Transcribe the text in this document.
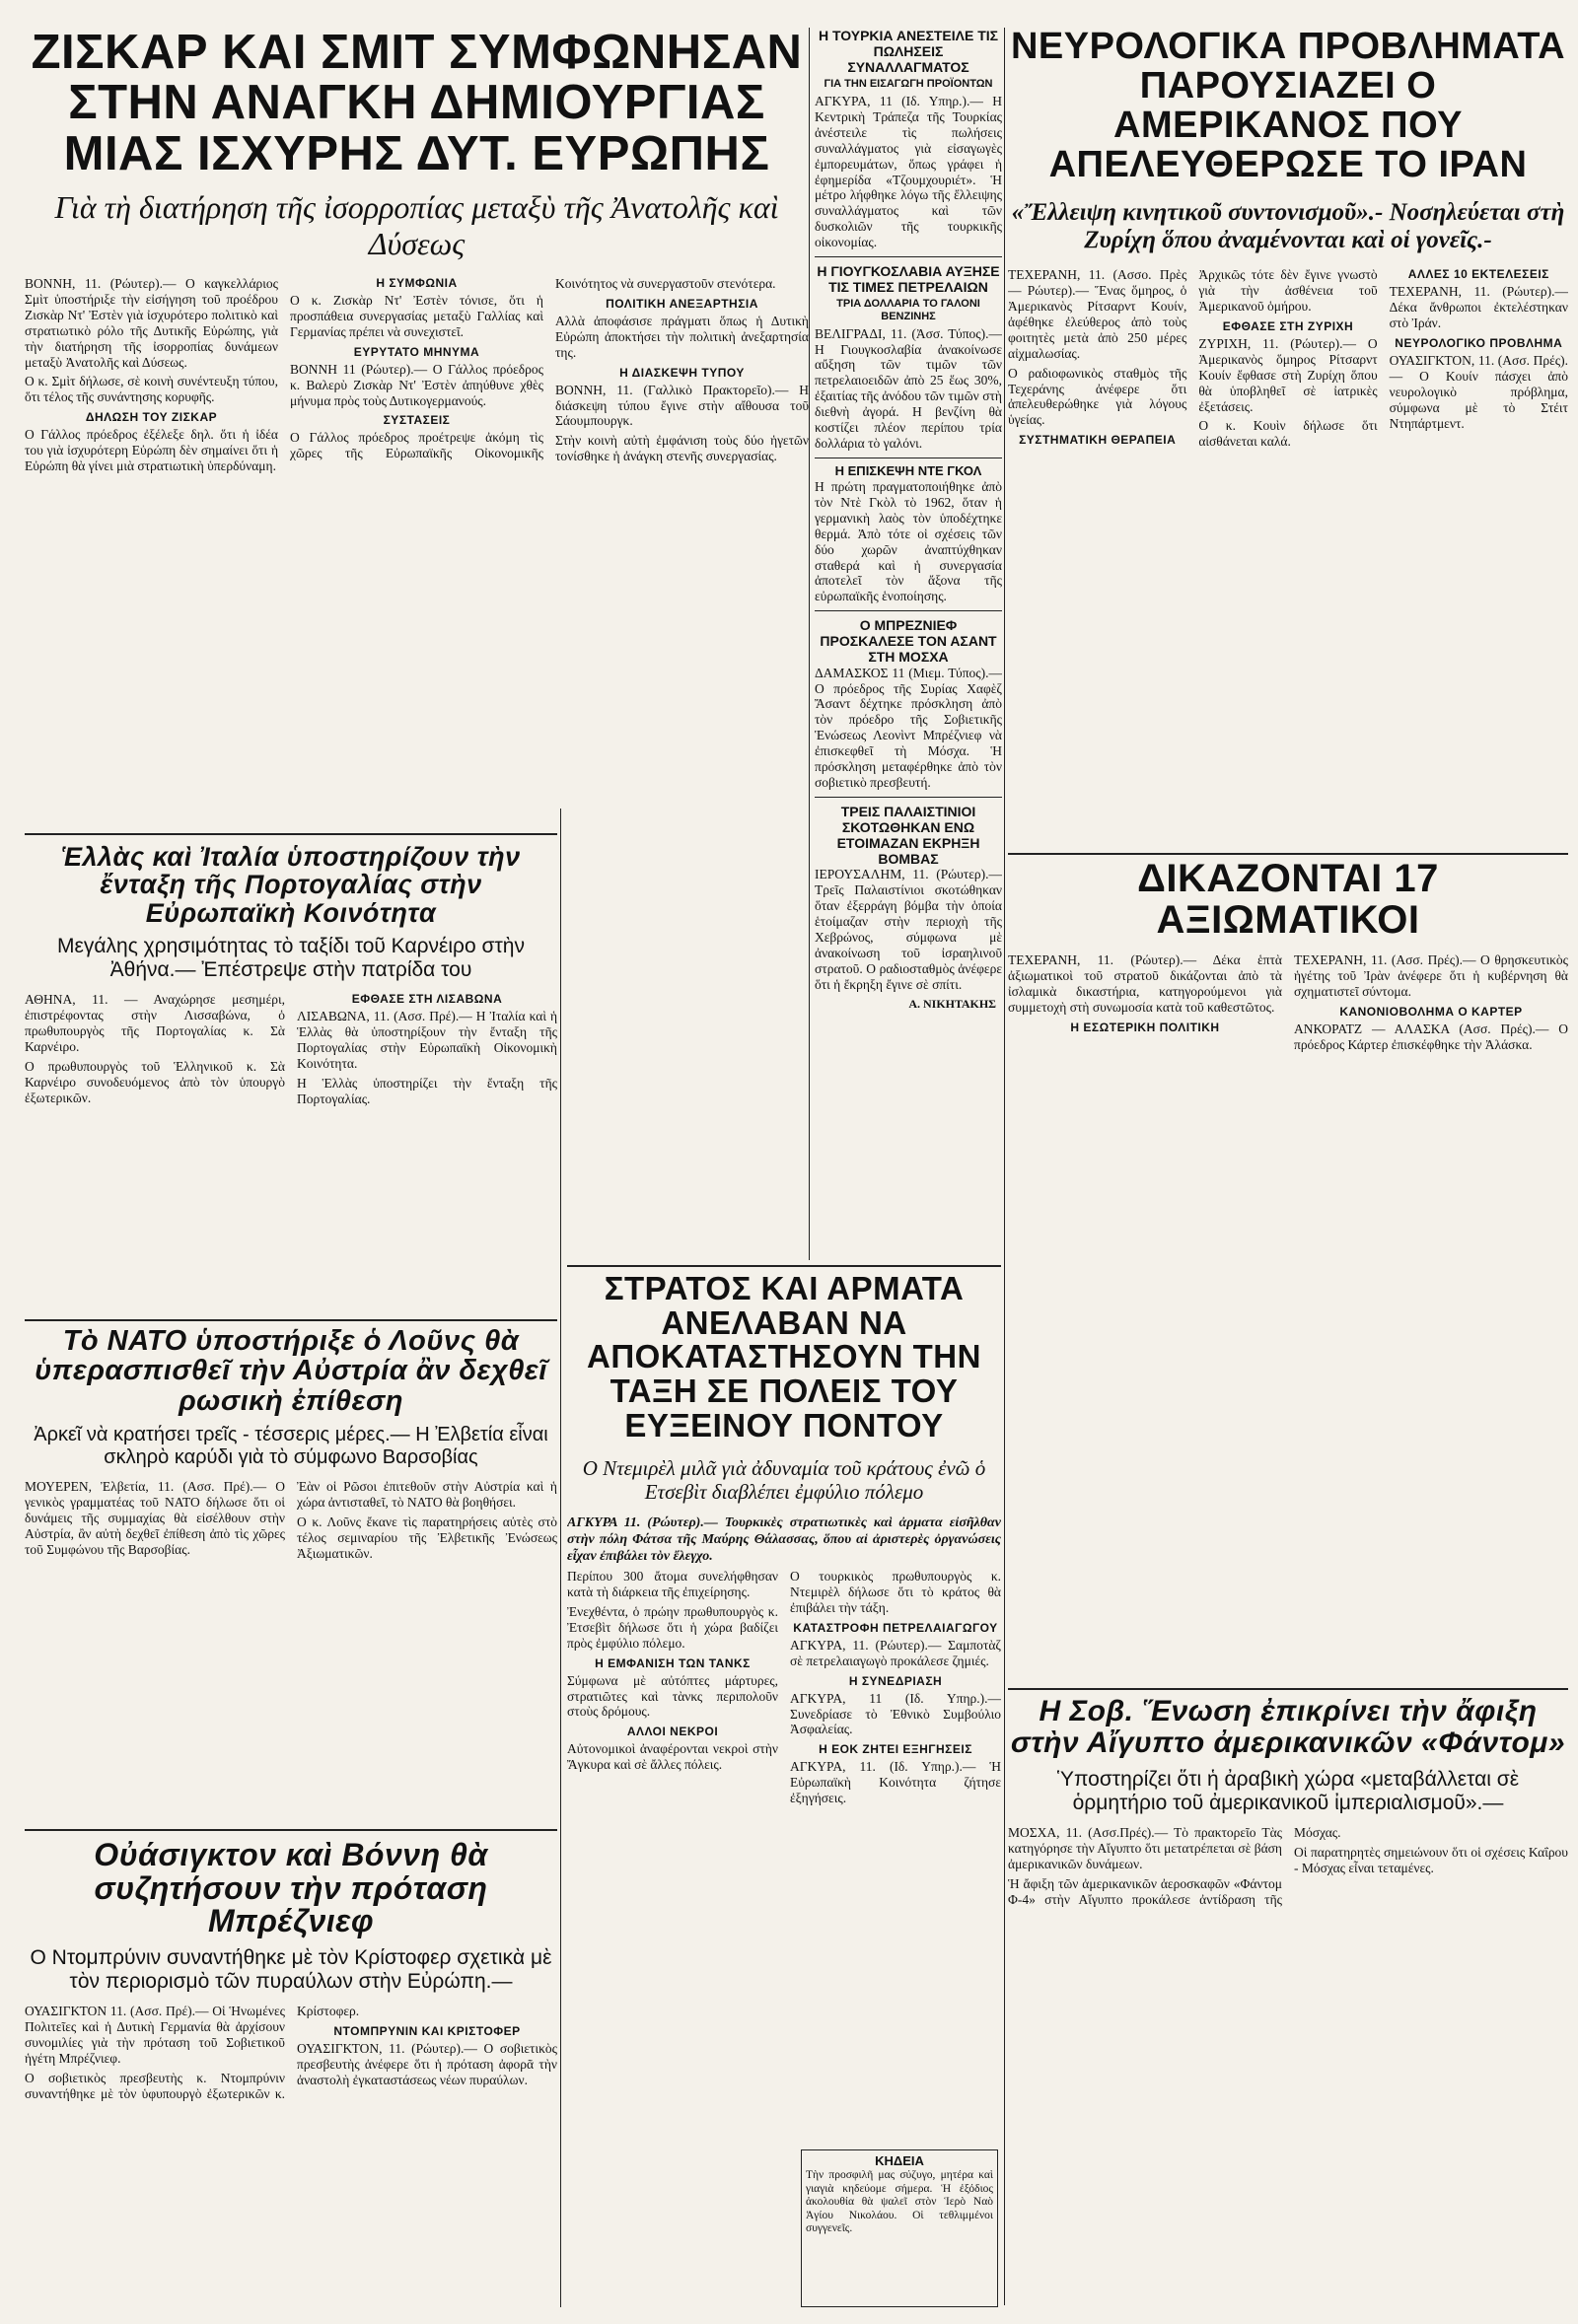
ΖΙΣΚΑΡ ΚΑΙ ΣΜΙΤ ΣΥΜΦΩΝΗΣΑΝ ΣΤΗΝ ΑΝΑΓΚΗ ΔΗΜΙΟΥΡΓΙΑΣ ΜΙΑΣ ΙΣΧΥΡΗΣ ΔΥΤ. ΕΥΡΩΠΗΣ

Γιὰ τὴ διατήρηση τῆς ἰσορροπίας μεταξὺ τῆς Ἀνατολῆς καὶ Δύσεως

ΒΟΝΝΗ, 11. (Ρώυτερ).— Ο καγκελλάριος Σμὶτ ὑποστήριξε τὴν εἰσήγηση τοῦ προέδρου Ζισκὰρ Ντ' Ἐστὲν γιὰ ἰσχυρότερο πολιτικὸ καὶ στρατιωτικὸ ρόλο τῆς Δυτικῆς Εὐρώπης, γιὰ τὴν διατήρηση τῆς ἰσορροπίας δυνάμεων μεταξὺ Ἀνατολῆς καὶ Δύσεως.

Ο κ. Σμὶτ δήλωσε, σὲ κοινὴ συνέντευξη τύπου, ὅτι τέλος τῆς συνάντησης κορυφῆς.

ΔΗΛΩΣΗ ΤΟΥ ΖΙΣΚΑΡ

Ο Γάλλος πρόεδρος ἐξέλεξε δηλ. ὅτι ἡ ἰδέα του γιὰ ἰσχυρότερη Εὐρώπη δὲν σημαίνει ὅτι ἡ Εὐρώπη θὰ γίνει μιὰ στρατιωτικὴ ὑπερδύναμη.

Η ΣΥΜΦΩΝΙΑ

Ο κ. Ζισκὰρ Ντ' Ἐστὲν τόνισε, ὅτι ἡ προσπάθεια συνεργασίας μεταξὺ Γαλλίας καὶ Γερμανίας πρέπει νὰ συνεχιστεῖ.

ΕΥΡΥΤΑΤΟ ΜΗΝΥΜΑ

ΒΟΝΝΗ 11 (Ρώυτερ).— Ο Γάλλος πρόεδρος κ. Βαλερὺ Ζισκὰρ Ντ' Ἐστὲν ἀπηύθυνε χθὲς μήνυμα πρὸς τοὺς Δυτικογερμανούς.

ΣΥΣΤΑΣΕΙΣ

Ο Γάλλος πρόεδρος προέτρεψε ἀκόμη τὶς χῶρες τῆς Εὐρωπαϊκῆς Οἰκονομικῆς Κοινότητος νὰ συνεργαστοῦν στενότερα.

ΠΟΛΙΤΙΚΗ ΑΝΕΞΑΡΤΗΣΙΑ

Αλλὰ ἀποφάσισε πράγματι ὅπως ἡ Δυτικὴ Εὐρώπη ἀποκτήσει τὴν πολιτικὴ ἀνεξαρτησία της.

Η ΔΙΑΣΚΕΨΗ ΤΥΠΟΥ

ΒΟΝΝΗ, 11. (Γαλλικὸ Πρακτορεῖο).— Η διάσκεψη τύπου ἔγινε στὴν αἴθουσα τοῦ Σάουμπουργκ.

Στὴν κοινὴ αὐτὴ ἐμφάνιση τοὺς δύο ἡγετῶν τονίσθηκε ἡ ἀνάγκη στενῆς συνεργασίας.

Ἑλλὰς καὶ Ἰταλία ὑποστηρίζουν τὴν ἔνταξη τῆς Πορτογαλίας στὴν Εὐρωπαϊκὴ Κοινότητα

Μεγάλης χρησιμότητας τὸ ταξίδι τοῦ Καρνέιρο στὴν Ἀθήνα.— Ἐπέστρεψε στὴν πατρίδα του

ΑΘΗΝΑ, 11. — Αναχώρησε μεσημέρι, ἐπιστρέφοντας στὴν Λισσαβώνα, ὁ πρωθυπουργὸς τῆς Πορτογαλίας κ. Σὰ Καρνέιρο.

Ο πρωθυπουργὸς τοῦ Ἑλληνικοῦ κ. Σὰ Καρνέιρο συνοδευόμενος ἀπὸ τὸν ὑπουργὸ ἐξωτερικῶν.

ΕΦΘΑΣΕ ΣΤΗ ΛΙΣΑΒΩΝΑ

ΛΙΣΑΒΩΝΑ, 11. (Ασσ. Πρέ).— Η Ἰταλία καὶ ἡ Ἑλλὰς θὰ ὑποστηρίξουν τὴν ἔνταξη τῆς Πορτογαλίας στὴν Εὐρωπαϊκὴ Οἰκονομικὴ Κοινότητα.

Η Ἑλλὰς ὑποστηρίζει τὴν ἔνταξη τῆς Πορτογαλίας.

Τὸ ΝΑΤΟ ὑποστήριξε ὁ Λοῦνς θὰ ὑπερασπισθεῖ τὴν Αὐστρία ἂν δεχθεῖ ρωσικὴ ἐπίθεση

Ἀρκεῖ νὰ κρατήσει τρεῖς - τέσσερις μέρες.— Η Ἐλβετία εἶναι σκληρὸ καρύδι γιὰ τὸ σύμφωνο Βαρσοβίας

ΜΟΥΕΡΕΝ, Ἐλβετία, 11. (Ασσ. Πρέ).— Ο γενικὸς γραμματέας τοῦ ΝΑΤΟ δήλωσε ὅτι οἱ δυνάμεις τῆς συμμαχίας θὰ εἰσέλθουν στὴν Αὐστρία, ἂν αὐτὴ δεχθεῖ ἐπίθεση ἀπὸ τὶς χῶρες τοῦ Συμφώνου τῆς Βαρσοβίας.

Ἐὰν οἱ Ρῶσοι ἐπιτεθοῦν στὴν Αὐστρία καὶ ἡ χώρα ἀντισταθεῖ, τὸ ΝΑΤΟ θὰ βοηθήσει.

Ο κ. Λοῦνς ἔκανε τὶς παρατηρήσεις αὐτὲς στὸ τέλος σεμιναρίου τῆς Ἐλβετικῆς Ἐνώσεως Ἀξιωματικῶν.

Οὐάσιγκτον καὶ Βόννη θὰ συζητήσουν τὴν πρόταση Μπρέζνιεφ

Ο Ντομπρύνιν συναντήθηκε μὲ τὸν Κρίστοφερ σχετικὰ μὲ τὸν περιορισμὸ τῶν πυραύλων στὴν Εὐρώπη.—

ΟΥΑΣΙΓΚΤΟΝ 11. (Ασσ. Πρέ).— Οἱ Ἡνωμένες Πολιτεῖες καὶ ἡ Δυτικὴ Γερμανία θὰ ἀρχίσουν συνομιλίες γιὰ τὴν πρόταση τοῦ Σοβιετικοῦ ἡγέτη Μπρέζνιεφ.

Ο σοβιετικὸς πρεσβευτὴς κ. Ντομπρύνιν συναντήθηκε μὲ τὸν ὑφυπουργὸ ἐξωτερικῶν κ. Κρίστοφερ.

ΝΤΟΜΠΡΥΝΙΝ ΚΑΙ ΚΡΙΣΤΟΦΕΡ

ΟΥΑΣΙΓΚΤΟΝ, 11. (Ρώυτερ).— Ο σοβιετικὸς πρεσβευτὴς ἀνέφερε ὅτι ἡ πρόταση ἀφορᾶ τὴν ἀναστολὴ ἐγκαταστάσεως νέων πυραύλων.

Η ΤΟΥΡΚΙΑ ΑΝΕΣΤΕΙΛΕ ΤΙΣ ΠΩΛΗΣΕΙΣ ΣΥΝΑΛΛΑΓΜΑΤΟΣ

ΓΙΑ ΤΗΝ ΕΙΣΑΓΩΓΗ ΠΡΟΪΟΝΤΩΝ

ΑΓΚΥΡΑ, 11 (Ιδ. Υπηρ.).— Η Κεντρικὴ Τράπεζα τῆς Τουρκίας ἀνέστειλε τὶς πωλήσεις συναλλάγματος γιὰ εἰσαγωγὲς ἐμπορευμάτων, ὅπως γράφει ἡ ἐφημερίδα «Τζουμχουριέτ». Ἡ μέτρο λήφθηκε λόγω τῆς ἔλλειψης συναλλάγματος καὶ τῶν δυσκολιῶν τῆς τουρκικῆς οἰκονομίας.

Η ΓΙΟΥΓΚΟΣΛΑΒΙΑ ΑΥΞΗΣΕ ΤΙΣ ΤΙΜΕΣ ΠΕΤΡΕΛΑΙΩΝ

ΤΡΙΑ ΔΟΛΛΑΡΙΑ ΤΟ ΓΑΛΟΝΙ ΒΕΝΖΙΝΗΣ

ΒΕΛΙΓΡΑΔΙ, 11. (Ἀσσ. Τύπος).— Η Γιουγκοσλαβία ἀνακοίνωσε αὔξηση τῶν τιμῶν τῶν πετρελαιοειδῶν ἀπὸ 25 ἕως 30%, ἐξαιτίας τῆς ἀνόδου τῶν τιμῶν στὴ διεθνὴ ἀγορά. Η βενζίνη θὰ κοστίζει πλέον περίπου τρία δολλάρια τὸ γαλόνι.

Η ΕΠΙΣΚΕΨΗ ΝΤΕ ΓΚΟΛ

Η πρώτη πραγματοποιήθηκε ἀπὸ τὸν Ντὲ Γκὸλ τὸ 1962, ὅταν ἡ γερμανικὴ λαὸς τὸν ὑποδέχτηκε θερμά. Ἀπὸ τότε οἱ σχέσεις τῶν δύο χωρῶν ἀναπτύχθηκαν σταθερά καὶ ἡ συνεργασία ἀποτελεῖ τὸν ἄξονα τῆς εὐρωπαϊκῆς ἑνοποίησης.

Ο ΜΠΡΕΖΝΙΕΦ ΠΡΟΣΚΑΛΕΣΕ ΤΟΝ ΑΣΑΝΤ ΣΤΗ ΜΟΣΧΑ

ΔΑΜΑΣΚΟΣ 11 (Μιεμ. Τύπος).— Ο πρόεδρος τῆς Συρίας Χαφὲζ Ἄσαντ δέχτηκε πρόσκληση ἀπὸ τὸν πρόεδρο τῆς Σοβιετικῆς Ἑνώσεως Λεονὶντ Μπρέζνιεφ νὰ ἐπισκεφθεῖ τὴ Μόσχα. Ἡ πρόσκληση μεταφέρθηκε ἀπὸ τὸν σοβιετικὸ πρεσβευτή.

ΤΡΕΙΣ ΠΑΛΑΙΣΤΙΝΙΟΙ ΣΚΟΤΩΘΗΚΑΝ ΕΝΩ ΕΤΟΙΜΑΖΑΝ ΕΚΡΗΞΗ ΒΟΜΒΑΣ

ΙΕΡΟΥΣΑΛΗΜ, 11. (Ρώυτερ).— Τρεῖς Παλαιστίνιοι σκοτώθηκαν ὅταν ἐξερράγη βόμβα τὴν ὁποία ἑτοίμαζαν στὴν περιοχὴ τῆς Χεβρώνος, σύμφωνα μὲ ἀνακοίνωση τοῦ ἰσραηλινοῦ στρατοῦ. Ο ραδιοσταθμὸς ἀνέφερε ὅτι ἡ ἔκρηξη ἔγινε σὲ σπίτι.

Α. ΝΙΚΗΤΑΚΗΣ

ΝΕΥΡΟΛΟΓΙΚΑ ΠΡΟΒΛΗΜΑΤΑ ΠΑΡΟΥΣΙΑΖΕΙ Ο ΑΜΕΡΙΚΑΝΟΣ ΠΟΥ ΑΠΕΛΕΥΘΕΡΩΣΕ ΤΟ ΙΡΑΝ

«Ἔλλειψη κινητικοῦ συντονισμοῦ».- Νοσηλεύεται στὴ Ζυρίχη ὅπου ἀναμένονται καὶ οἱ γονεῖς.-

ΤΕΧΕΡΑΝΗ, 11. (Ασσο. Πρὲς — Ρώυτερ).— Ἕνας ὅμηρος, ὁ Ἀμερικανὸς Ρίτσαρντ Κουίν, ἀφέθηκε ἐλεύθερος ἀπὸ τοὺς φοιτητὲς μετὰ ἀπὸ 250 μέρες αἰχμαλωσίας.

Ο ραδιοφωνικὸς σταθμὸς τῆς Τεχεράνης ἀνέφερε ὅτι ἀπελευθερώθηκε γιὰ λόγους ὑγείας.

ΣΥΣΤΗΜΑΤΙΚΗ ΘΕΡΑΠΕΙΑ

Ἀρχικῶς τότε δὲν ἔγινε γνωστὸ γιὰ τὴν ἀσθένεια τοῦ Ἀμερικανοῦ ὁμήρου.

ΕΦΘΑΣΕ ΣΤΗ ΖΥΡΙΧΗ

ΖΥΡΙΧΗ, 11. (Ρώυτερ).— Ο Ἀμερικανὸς ὅμηρος Ρίτσαρντ Κουίν ἔφθασε στὴ Ζυρίχη ὅπου θὰ ὑποβληθεῖ σὲ ἰατρικὲς ἐξετάσεις.

Ο κ. Κουὶν δήλωσε ὅτι αἰσθάνεται καλά.

ΑΛΛΕΣ 10 ΕΚΤΕΛΕΣΕΙΣ

ΤΕΧΕΡΑΝΗ, 11. (Ρώυτερ).— Δέκα ἄνθρωποι ἐκτελέστηκαν στὸ Ἰράν.

ΝΕΥΡΟΛΟΓΙΚΟ ΠΡΟΒΛΗΜΑ

ΟΥΑΣΙΓΚΤΟΝ, 11. (Ασσ. Πρές).— Ο Κουίν πάσχει ἀπὸ νευρολογικὸ πρόβλημα, σύμφωνα μὲ τὸ Στέιτ Ντηπάρτμεντ.

ΔΙΚΑΖΟΝΤΑΙ 17 ΑΞΙΩΜΑΤΙΚΟΙ

ΤΕΧΕΡΑΝΗ, 11. (Ρώυτερ).— Δέκα ἑπτὰ ἀξιωματικοὶ τοῦ στρατοῦ δικάζονται ἀπὸ τὰ ἰσλαμικὰ δικαστήρια, κατηγορούμενοι γιὰ συμμετοχὴ στὴ συνωμοσία κατὰ τοῦ καθεστῶτος.

Η ΕΣΩΤΕΡΙΚΗ ΠΟΛΙΤΙΚΗ

ΤΕΧΕΡΑΝΗ, 11. (Ασσ. Πρές).— Ο θρησκευτικὸς ἡγέτης τοῦ Ἰρὰν ἀνέφερε ὅτι ἡ κυβέρνηση θὰ σχηματιστεῖ σύντομα.

ΚΑΝΟΝΙΟΒΟΛΗΜΑ Ο ΚΑΡΤΕΡ

ΑΝΚΟΡΑΤΖ — ΑΛΑΣΚΑ (Ασσ. Πρές).— Ο πρόεδρος Κάρτερ ἐπισκέφθηκε τὴν Ἀλάσκα.

ΣΤΡΑΤΟΣ ΚΑΙ ΑΡΜΑΤΑ ΑΝΕΛΑΒΑΝ ΝΑ ΑΠΟΚΑΤΑΣΤΗΣΟΥΝ ΤΗΝ ΤΑΞΗ ΣΕ ΠΟΛΕΙΣ ΤΟΥ ΕΥΞΕΙΝΟΥ ΠΟΝΤΟΥ

Ο Ντεμιρὲλ μιλᾶ γιὰ ἀδυναμία τοῦ κράτους ἐνῶ ὁ Ετσεβὶτ διαβλέπει ἐμφύλιο πόλεμο

ΑΓΚΥΡΑ 11. (Ρώυτερ).— Τουρκικὲς στρατιωτικὲς καὶ ἀρματα εἰσῆλθαν στὴν πόλη Φάτσα τῆς Μαύρης Θάλασσας, ὅπου αἱ ἀριστερὲς ὀργανώσεις εἶχαν ἐπιβάλει τὸν ἔλεγχο.

Περίπου 300 ἄτομα συνελήφθησαν κατὰ τὴ διάρκεια τῆς ἐπιχείρησης.

Ἐνεχθέντα, ὁ πρώην πρωθυπουργὸς κ. Ἐτσεβὶτ δήλωσε ὅτι ἡ χώρα βαδίζει πρὸς ἐμφύλιο πόλεμο.

Η ΕΜΦΑΝΙΣΗ ΤΩΝ ΤΑΝΚΣ

Σύμφωνα μὲ αὐτόπτες μάρτυρες, στρατιῶτες καὶ τὰνκς περιπολοῦν στοὺς δρόμους.

ΑΛΛΟΙ ΝΕΚΡΟΙ

Αὐτονομικοὶ ἀναφέρονται νεκροὶ στὴν Ἄγκυρα καὶ σὲ ἄλλες πόλεις.

Ο τουρκικὸς πρωθυπουργὸς κ. Ντεμιρὲλ δήλωσε ὅτι τὸ κράτος θὰ ἐπιβάλει τὴν τάξη.

ΚΑΤΑΣΤΡΟΦΗ ΠΕΤΡΕΛΑΙΑΓΩΓΟΥ

ΑΓΚΥΡΑ, 11. (Ρώυτερ).— Σαμποτὰζ σὲ πετρελαιαγωγὸ προκάλεσε ζημιές.

Η ΣΥΝΕΔΡΙΑΣΗ

ΑΓΚΥΡΑ, 11 (Ιδ. Υπηρ.).— Συνεδρίασε τὸ Ἐθνικὸ Συμβούλιο Ἀσφαλείας.

Η ΕΟΚ ΖΗΤΕΙ ΕΞΗΓΗΣΕΙΣ

ΑΓΚΥΡΑ, 11. (Ιδ. Υπηρ.).— Ἡ Εὐρωπαϊκὴ Κοινότητα ζήτησε ἐξηγήσεις.

Η Σοβ. Ἕνωση ἐπικρίνει τὴν ἄφιξη στὴν Αἴγυπτο ἀμερικανικῶν «Φάντομ»

Ὑποστηρίζει ὅτι ἡ ἀραβικὴ χώρα «μεταβάλλεται σὲ ὁρμητήριο τοῦ ἀμερικανικοῦ ἰμπεριαλισμοῦ».—

ΜΟΣΧΑ, 11. (Ασσ.Πρές).— Τὸ πρακτορεῖο Τὰς κατηγόρησε τὴν Αἴγυπτο ὅτι μετατρέπεται σὲ βάση ἀμερικανικῶν δυνάμεων.

Ἡ ἄφιξη τῶν ἀμερικανικῶν ἀεροσκαφῶν «Φάντομ Φ-4» στὴν Αἴγυπτο προκάλεσε ἀντίδραση τῆς Μόσχας.

Οἱ παρατηρητὲς σημειώνουν ὅτι οἱ σχέσεις Καΐρου - Μόσχας εἶναι τεταμένες.

ΚΗΔΕΙΑ

Τὴν προσφιλῆ μας σύζυγο, μητέρα καὶ γιαγιὰ κηδεύομε σήμερα. Ἡ ἐξόδιος ἀκολουθία θὰ ψαλεῖ στὸν Ἱερὸ Ναὸ Ἁγίου Νικολάου. Οἱ τεθλιμμένοι συγγενεῖς.
